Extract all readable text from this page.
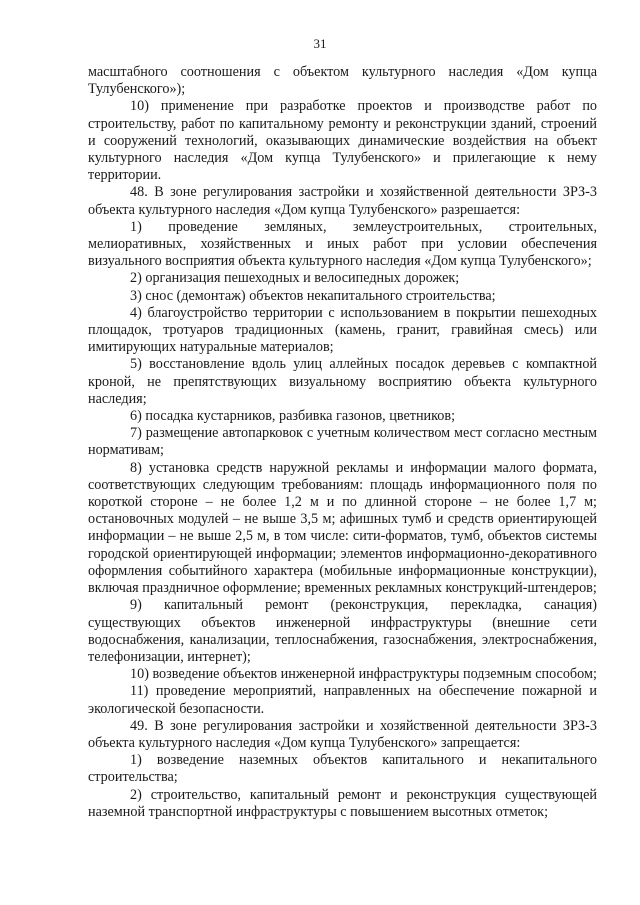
31

масштабного соотношения с объектом культурного наследия «Дом купца Тулубенского»);

10) применение при разработке проектов и производстве работ по строительству, работ по капитальному ремонту и реконструкции зданий, строений и сооружений технологий, оказывающих динамические воздействия на объект культурного наследия «Дом купца Тулубенского» и прилегающие к нему территории.

48. В зоне регулирования застройки и хозяйственной деятельности ЗРЗ-3 объекта культурного наследия «Дом купца Тулубенского» разрешается:

1) проведение земляных, землеустроительных, строительных, мелиоративных, хозяйственных и иных работ при условии обеспечения визуального восприятия объекта культурного наследия «Дом купца Тулубенского»;

2) организация пешеходных и велосипедных дорожек;

3) снос (демонтаж) объектов некапитального строительства;

4) благоустройство территории с использованием в покрытии пешеходных площадок, тротуаров традиционных (камень, гранит, гравийная смесь) или имитирующих натуральные материалов;

5) восстановление вдоль улиц аллейных посадок деревьев с компактной кроной, не препятствующих визуальному восприятию объекта культурного наследия;

6) посадка кустарников, разбивка газонов, цветников;

7) размещение автопарковок с учетным количеством мест согласно местным нормативам;

8) установка средств наружной рекламы и информации малого формата, соответствующих следующим требованиям: площадь информационного поля по короткой стороне – не более 1,2 м и по длинной стороне – не более 1,7 м; остановочных модулей – не выше 3,5 м; афишных тумб и средств ориентирующей информации – не выше 2,5 м, в том числе: сити-форматов, тумб, объектов системы городской ориентирующей информации; элементов информационно-декоративного оформления событийного характера (мобильные информационные конструкции), включая праздничное оформление; временных рекламных конструкций-штендеров;

9) капитальный ремонт (реконструкция, перекладка, санация) существующих объектов инженерной инфраструктуры (внешние сети водоснабжения, канализации, теплоснабжения, газоснабжения, электроснабжения, телефонизации, интернет);

10) возведение объектов инженерной инфраструктуры подземным способом;

11) проведение мероприятий, направленных на обеспечение пожарной и экологической безопасности.

49. В зоне регулирования застройки и хозяйственной деятельности ЗРЗ-3 объекта культурного наследия «Дом купца Тулубенского» запрещается:

1) возведение наземных объектов капитального и некапитального строительства;

2) строительство, капитальный ремонт и реконструкция существующей наземной транспортной инфраструктуры с повышением высотных отметок;
